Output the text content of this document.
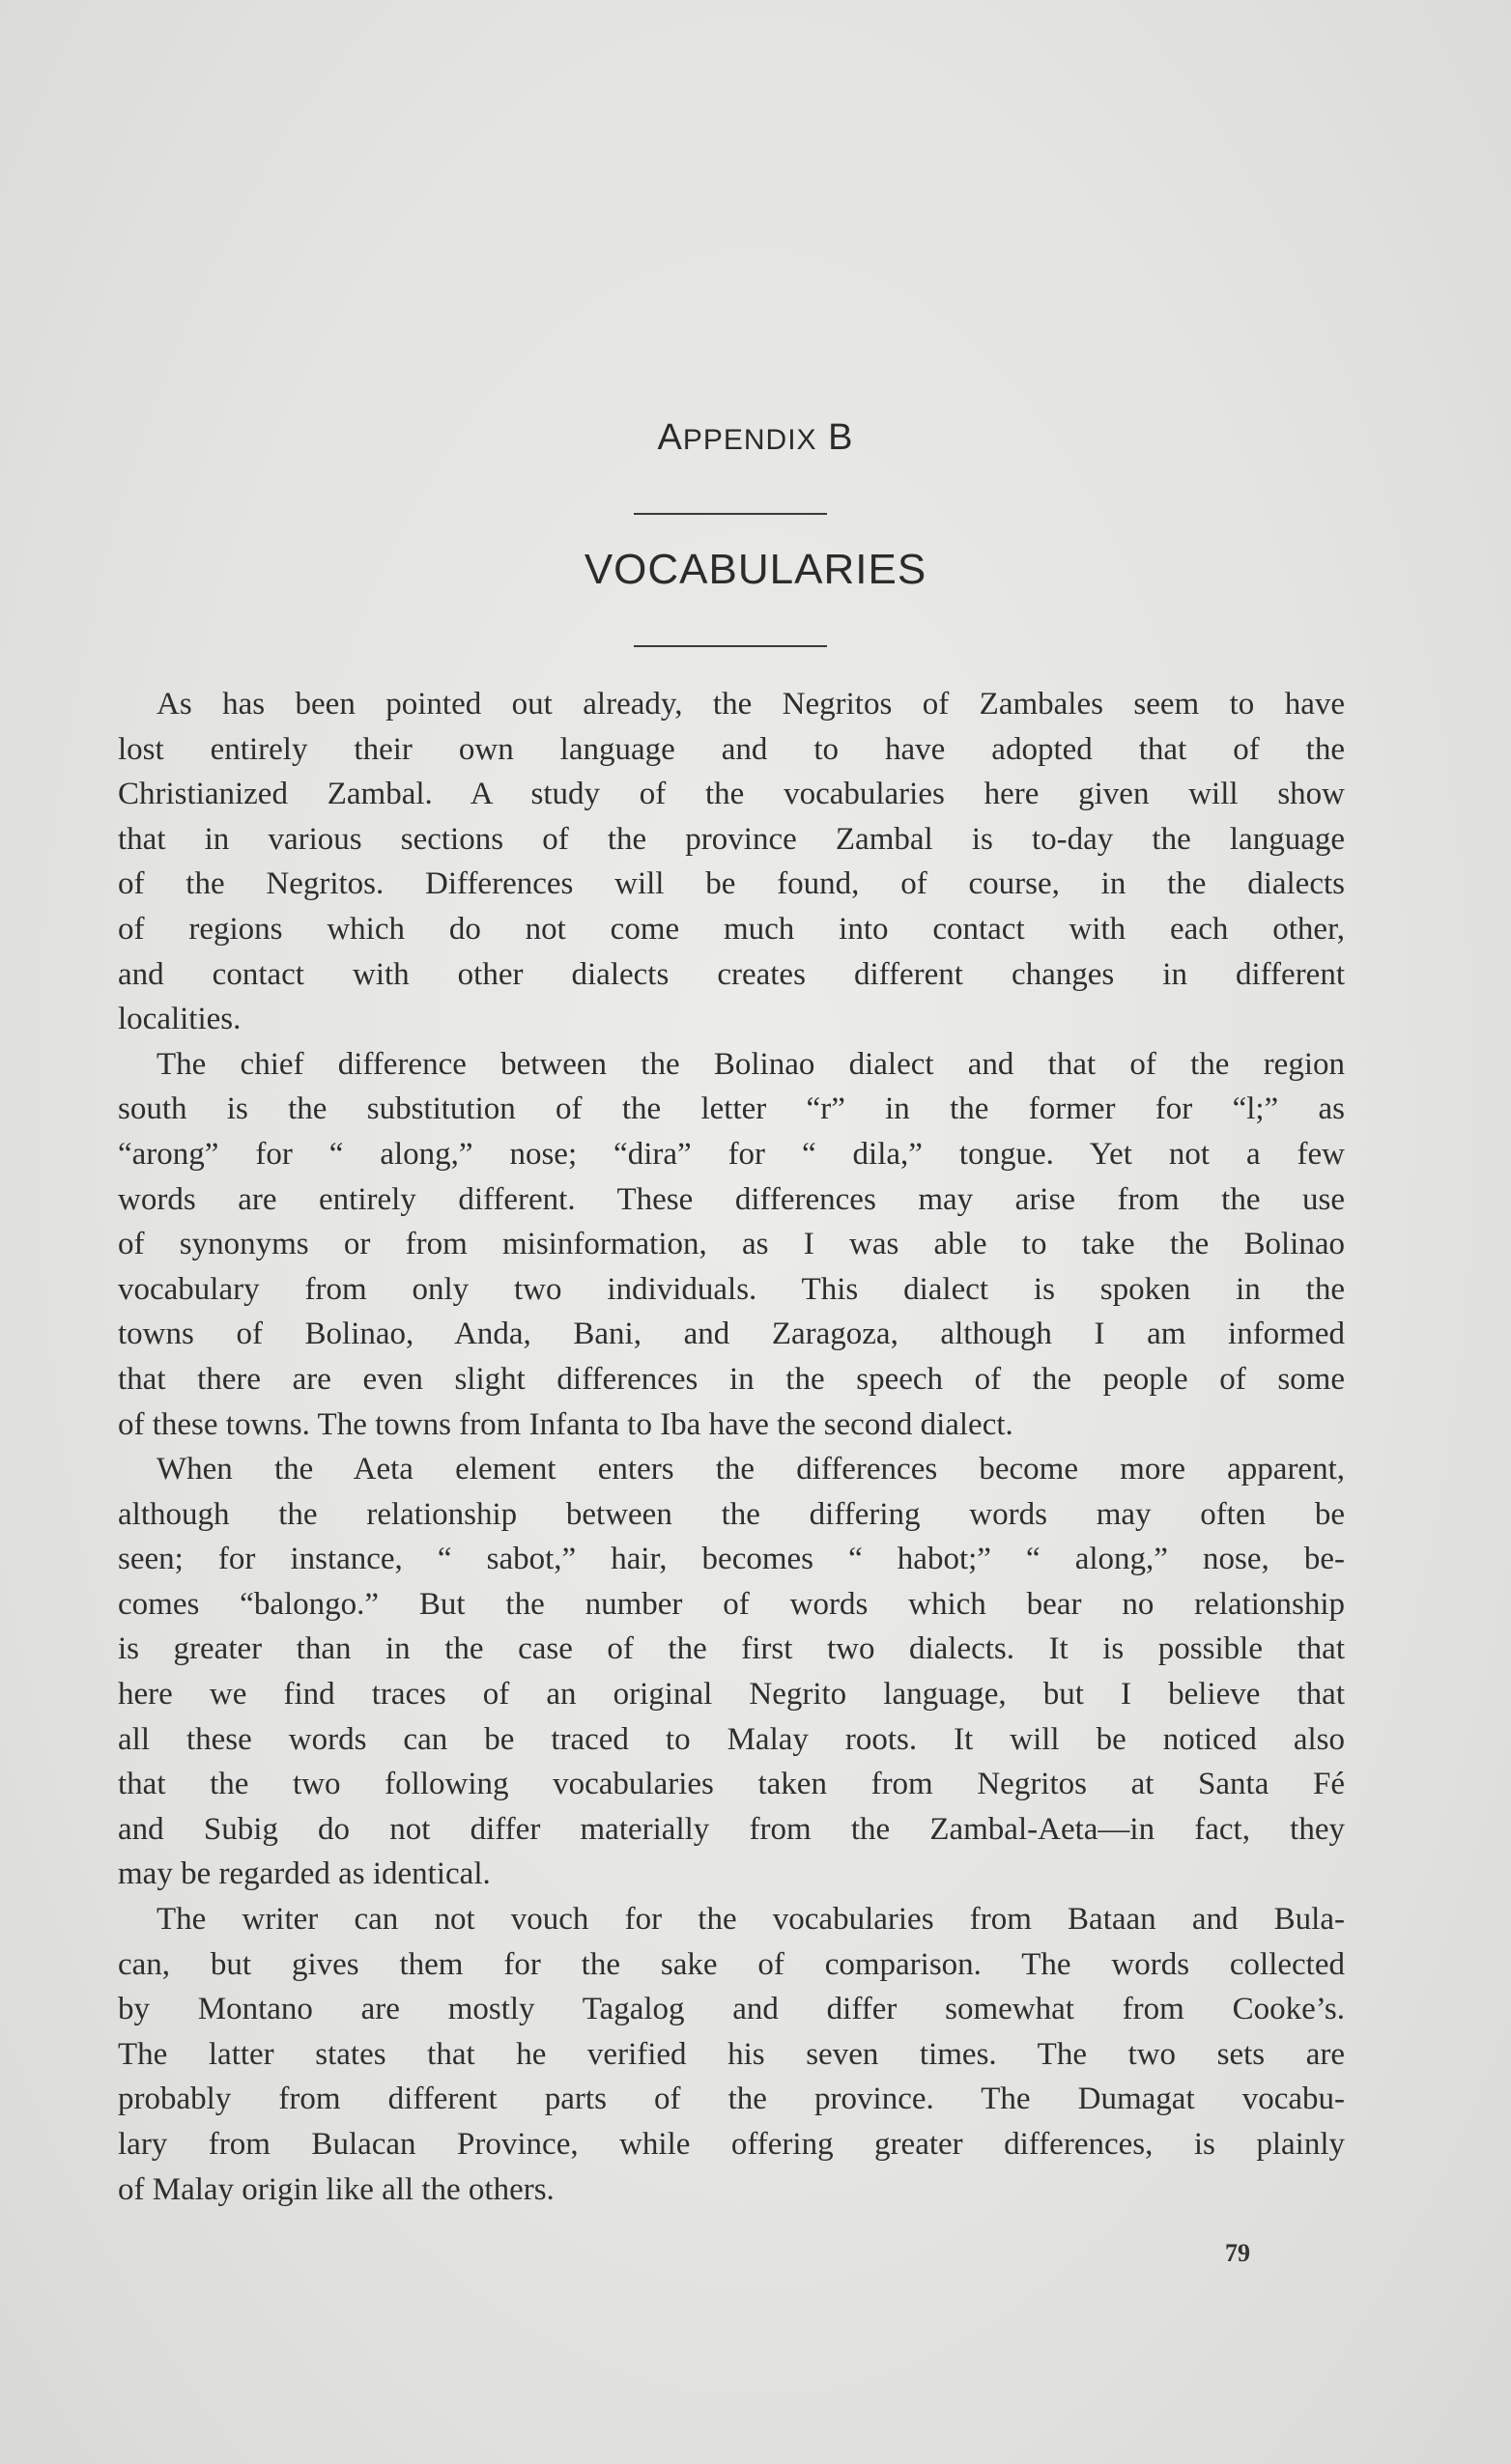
APPENDIX B
VOCABULARIES

As has been pointed out already, the Negritos of Zambales seem to have
lost entirely their own language and to have adopted that of the
Christianized Zambal. A study of the vocabularies here given will show
that in various sections of the province Zambal is to-day the language
of the Negritos. Differences will be found, of course, in the dialects
of regions which do not come much into contact with each other,
and contact with other dialects creates different changes in different
localities.

The chief difference between the Bolinao dialect and that of the region
south is the substitution of the letter “r” in the former for “l;” as
“arong” for “ along,” nose; “dira” for “ dila,” tongue. Yet not a few
words are entirely different. These differences may arise from the use
of synonyms or from misinformation, as I was able to take the Bolinao
vocabulary from only two individuals. This dialect is spoken in the
towns of Bolinao, Anda, Bani, and Zaragoza, although I am informed
that there are even slight differences in the speech of the people of some
of these towns. The towns from Infanta to Iba have the second dialect.

When the Aeta element enters the differences become more apparent,
although the relationship between the differing words may often be
seen; for instance, “ sabot,” hair, becomes “ habot;” “ along,” nose, be-
comes “balongo.” But the number of words which bear no relationship
is greater than in the case of the first two dialects. It is possible that
here we find traces of an original Negrito language, but I believe that
all these words can be traced to Malay roots. It will be noticed also
that the two following vocabularies taken from Negritos at Santa Fé
and Subig do not differ materially from the Zambal-Aeta—in fact, they
may be regarded as identical.

The writer can not vouch for the vocabularies from Bataan and Bula-
can, but gives them for the sake of comparison. The words collected
by Montano are mostly Tagalog and differ somewhat from Cooke’s.
The latter states that he verified his seven times. The two sets are
probably from different parts of the province. The Dumagat vocabu-
lary from Bulacan Province, while offering greater differences, is plainly
of Malay origin like all the others.

79
